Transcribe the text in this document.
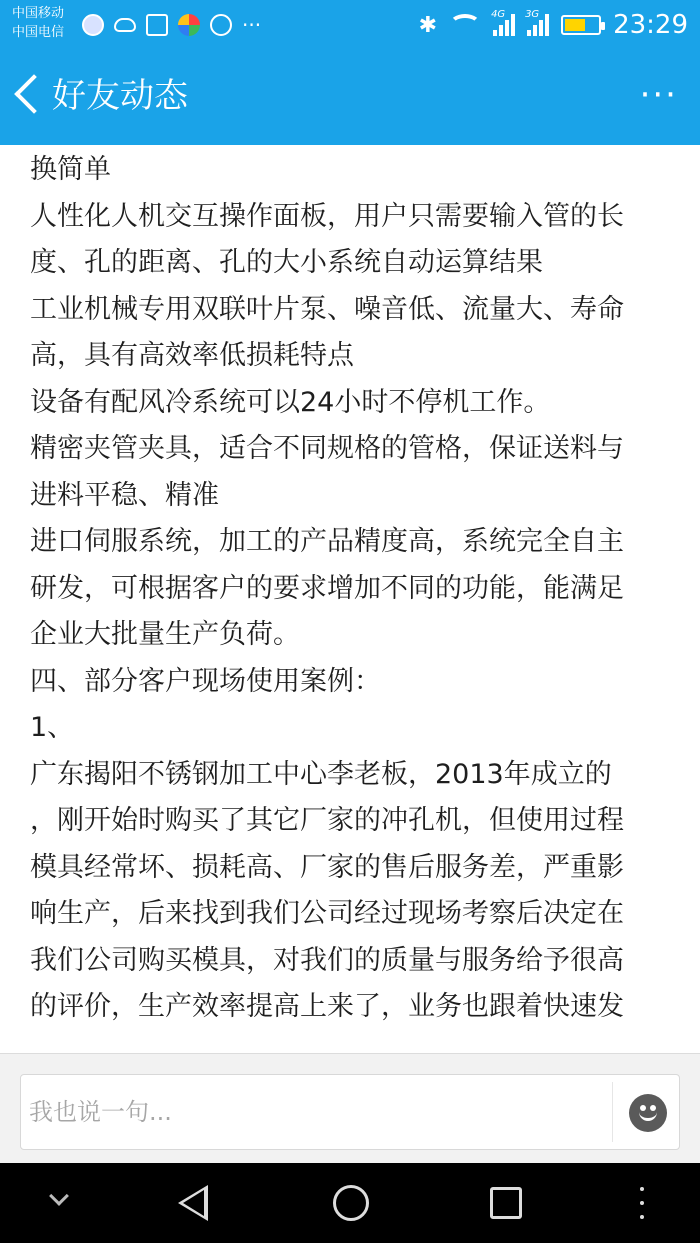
中国移动
中国电信	···	✱	4G 3G	23:29
好友动态	···

换简单

人性化人机交互操作面板，用户只需要输入管的长

度、孔的距离、孔的大小系统自动运算结果

工业机械专用双联叶片泵、噪音低、流量大、寿命

高，具有高效率低损耗特点

设备有配风冷系统可以24小时不停机工作。

精密夹管夹具，适合不同规格的管格，保证送料与

进料平稳、精准

进口伺服系统，加工的产品精度高，系统完全自主

研发，可根据客户的要求增加不同的功能，能满足

企业大批量生产负荷。

四、部分客户现场使用案例：

1、

广东揭阳不锈钢加工中心李老板，2013年成立的

，刚开始时购买了其它厂家的冲孔机，但使用过程

模具经常坏、损耗高、厂家的售后服务差，严重影

响生产，后来找到我们公司经过现场考察后决定在

我们公司购买模具，对我们的质量与服务给予很高

的评价，生产效率提高上来了，业务也跟着快速发

我也说一句...
